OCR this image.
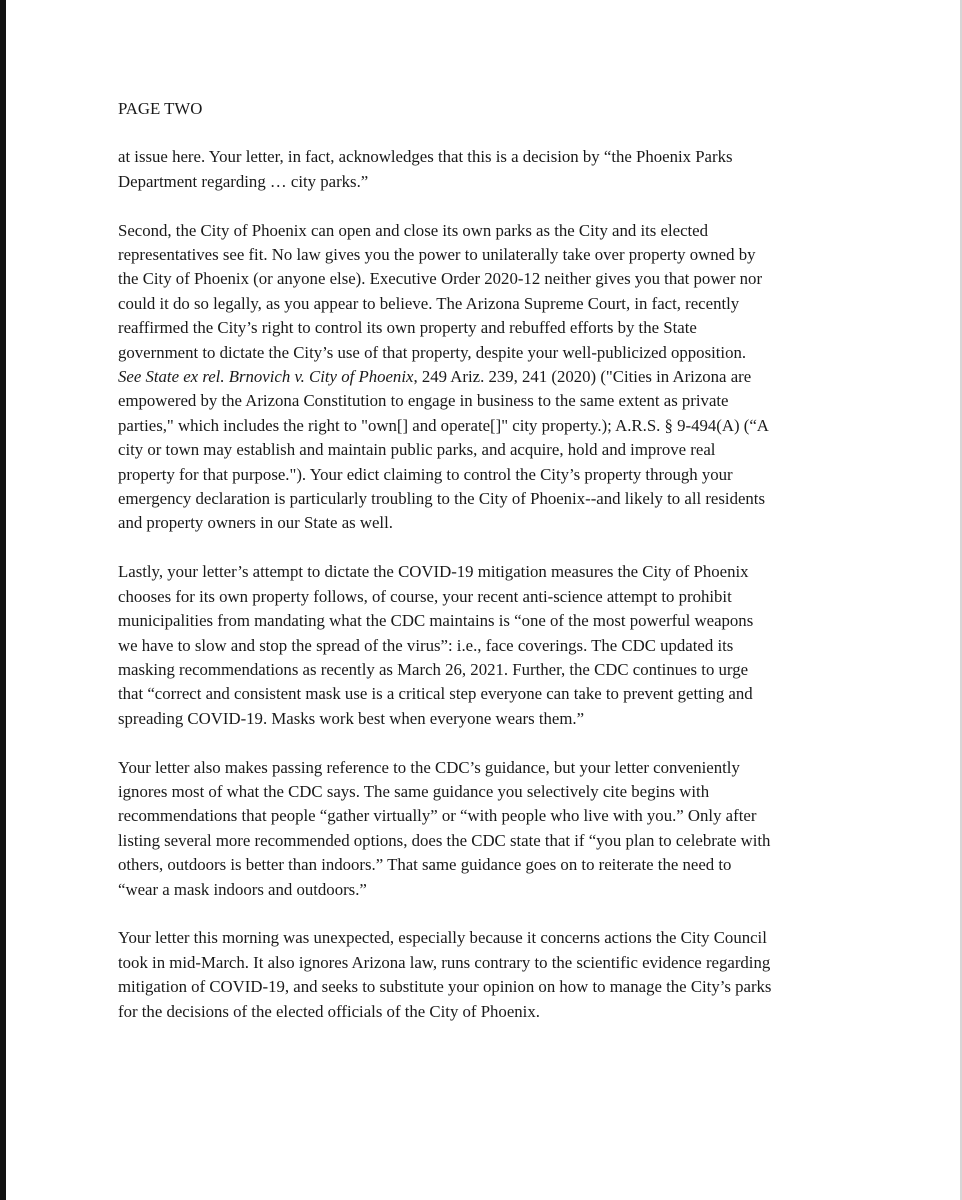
PAGE TWO
at issue here. Your letter, in fact, acknowledges that this is a decision by “the Phoenix Parks
Department regarding … city parks.”
Second, the City of Phoenix can open and close its own parks as the City and its elected
representatives see fit. No law gives you the power to unilaterally take over property owned by
the City of Phoenix (or anyone else). Executive Order 2020-12 neither gives you that power nor
could it do so legally, as you appear to believe. The Arizona Supreme Court, in fact, recently
reaffirmed the City’s right to control its own property and rebuffed efforts by the State
government to dictate the City’s use of that property, despite your well-publicized opposition.
See State ex rel. Brnovich v. City of Phoenix, 249 Ariz. 239, 241 (2020) ("Cities in Arizona are
empowered by the Arizona Constitution to engage in business to the same extent as private
parties," which includes the right to "own[] and operate[]" city property.); A.R.S. § 9-494(A) (“A
city or town may establish and maintain public parks, and acquire, hold and improve real
property for that purpose."). Your edict claiming to control the City’s property through your
emergency declaration is particularly troubling to the City of Phoenix--and likely to all residents
and property owners in our State as well.
Lastly, your letter’s attempt to dictate the COVID-19 mitigation measures the City of Phoenix
chooses for its own property follows, of course, your recent anti-science attempt to prohibit
municipalities from mandating what the CDC maintains is “one of the most powerful weapons
we have to slow and stop the spread of the virus”: i.e., face coverings. The CDC updated its
masking recommendations as recently as March 26, 2021. Further, the CDC continues to urge
that “correct and consistent mask use is a critical step everyone can take to prevent getting and
spreading COVID-19. Masks work best when everyone wears them.”
Your letter also makes passing reference to the CDC’s guidance, but your letter conveniently
ignores most of what the CDC says. The same guidance you selectively cite begins with
recommendations that people “gather virtually” or “with people who live with you.” Only after
listing several more recommended options, does the CDC state that if “you plan to celebrate with
others, outdoors is better than indoors.” That same guidance goes on to reiterate the need to
“wear a mask indoors and outdoors.”
Your letter this morning was unexpected, especially because it concerns actions the City Council
took in mid-March. It also ignores Arizona law, runs contrary to the scientific evidence regarding
mitigation of COVID-19, and seeks to substitute your opinion on how to manage the City’s parks
for the decisions of the elected officials of the City of Phoenix.
